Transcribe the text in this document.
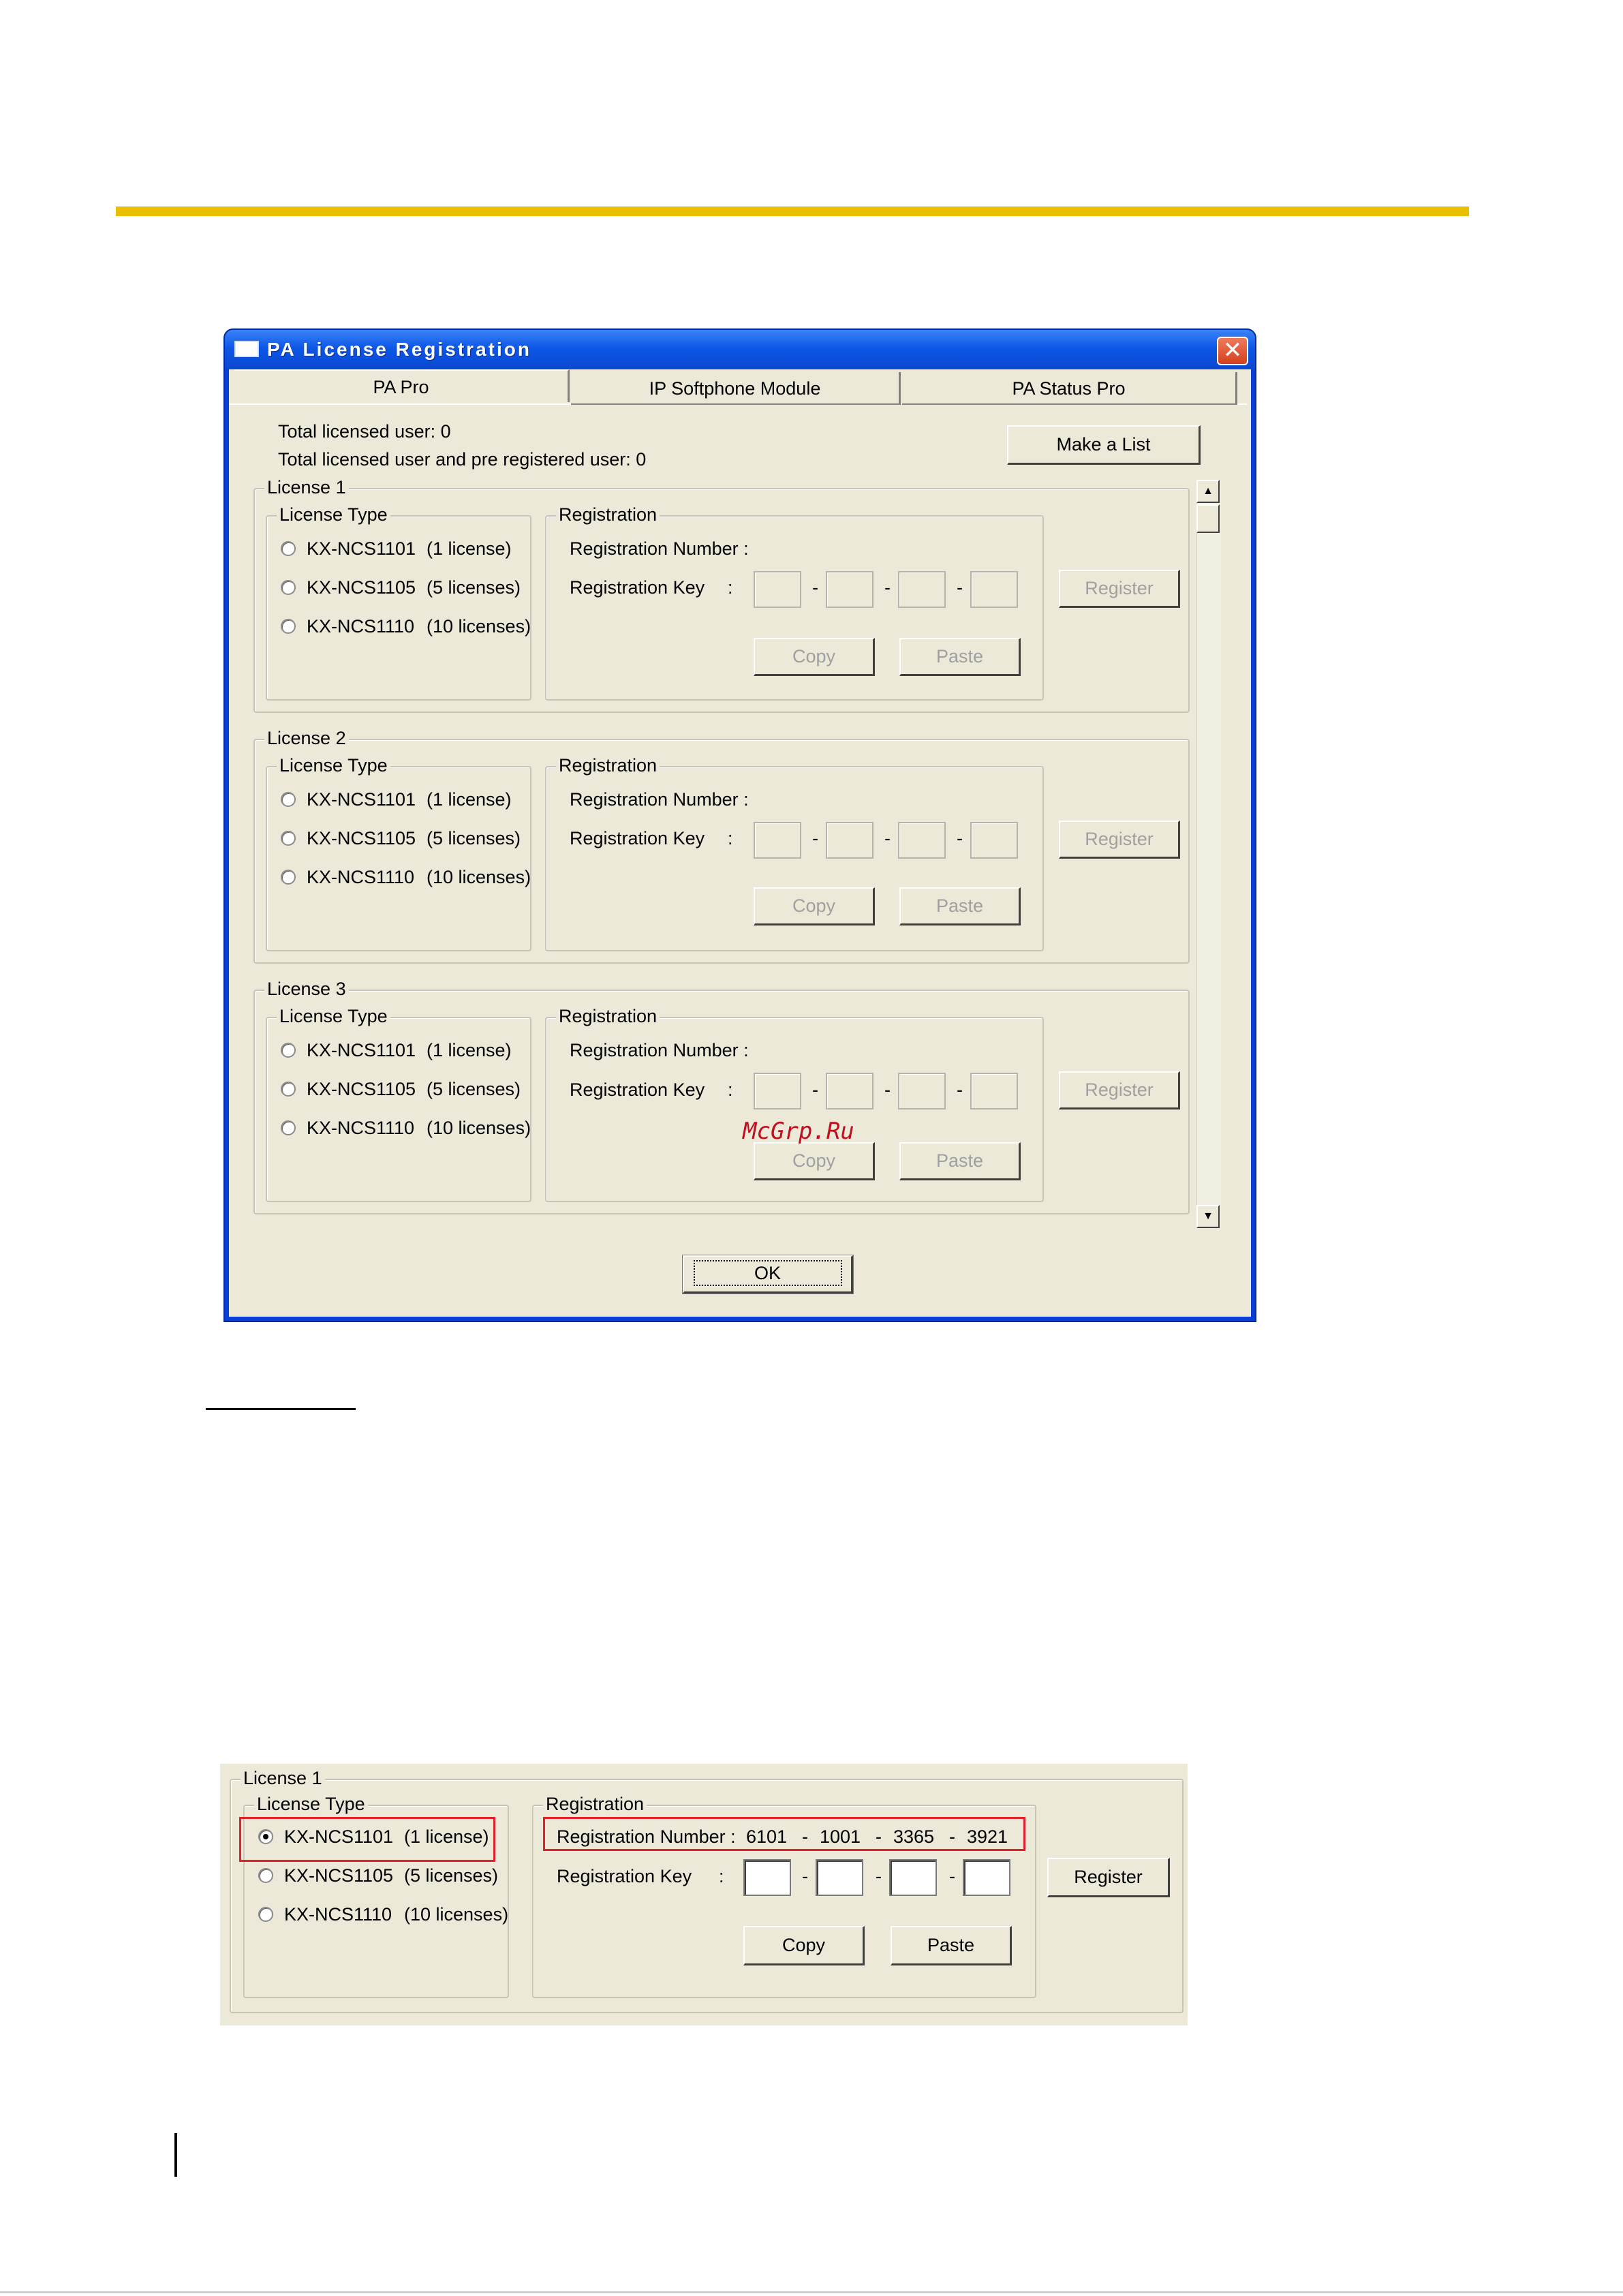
PA License Registration	✕
PA Pro	IP Softphone Module	PA Status Pro
Total licensed user: 0
Total licensed user and pre registered user: 0
Make a List
▲
▼
License 1
License Type
KX-NCS1101 (1 license)
KX-NCS1105 (5 licenses)
KX-NCS1110 (10 licenses)
Registration
Registration Number :
Registration Key :	-	-	-
Copy	Paste
Register
License 2
License Type
KX-NCS1101 (1 license)
KX-NCS1105 (5 licenses)
KX-NCS1110 (10 licenses)
Registration
Registration Number :
Registration Key :	-	-	-
Copy	Paste
Register
License 3
License Type
KX-NCS1101 (1 license)
KX-NCS1105 (5 licenses)
KX-NCS1110 (10 licenses)
Registration
Registration Number :
Registration Key :	-	-	-
Copy	Paste
McGrp.Ru
Register
OK
License 1
License Type
KX-NCS1101 (1 license)
KX-NCS1105 (5 licenses)
KX-NCS1110 (10 licenses)
Registration
Registration Number : 6101 - 1001 - 3365 - 3921
Registration Key :	-	-	-
Copy	Paste
Register
